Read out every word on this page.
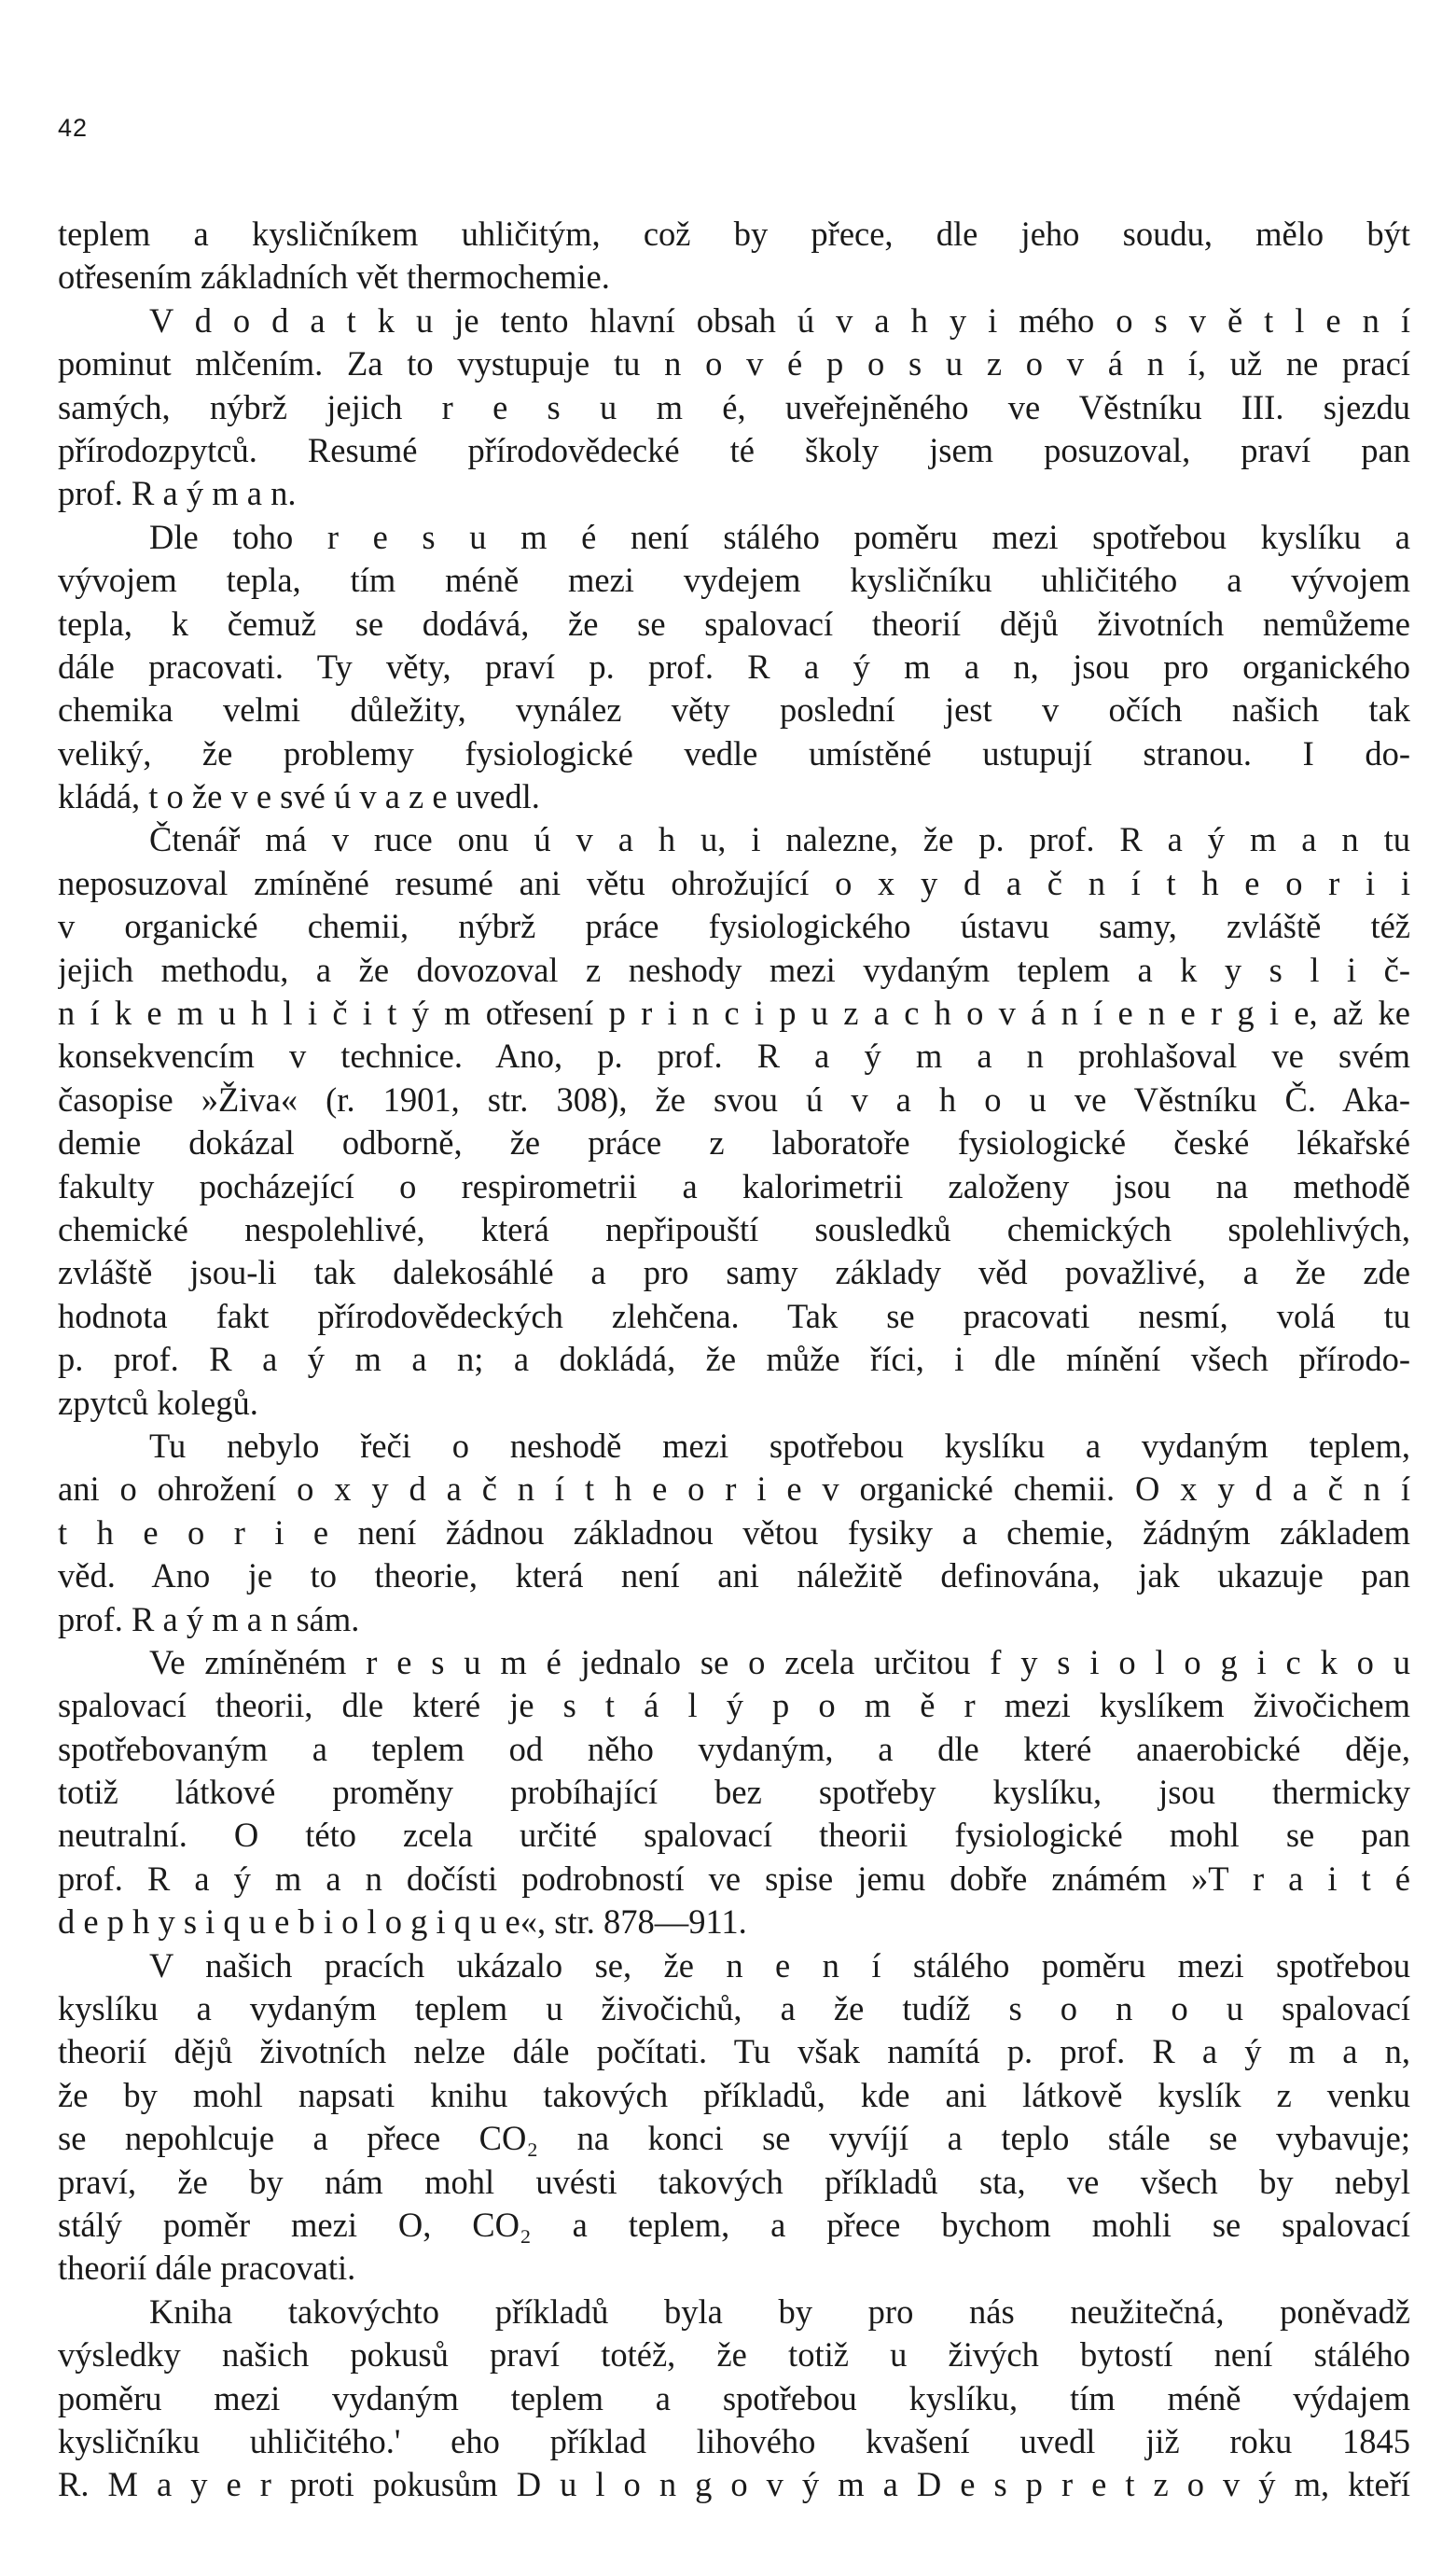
42
teplem a kysličníkem uhličitým, což by přece, dle jeho soudu, mělo být
otřesením základních vět thermochemie.
V d o d a t k u je tento hlavní obsah ú v a h y i mého o s v ě t l e n í
pominut mlčením. Za to vystupuje tu n o v é p o s u z o v á n í, už ne prací
samých, nýbrž jejich r e s u m é, uveřejněného ve Věstníku III. sjezdu
přírodozpytců. Resumé přírodovědecké té školy jsem posuzoval, praví pan
prof. R a ý m a n.
Dle toho r e s u m é není stálého poměru mezi spotřebou kyslíku a
vývojem tepla, tím méně mezi vydejem kysličníku uhličitého a vývojem
tepla, k čemuž se dodává, že se spalovací theorií dějů životních nemůžeme
dále pracovati. Ty věty, praví p. prof. R a ý m a n, jsou pro organického
chemika velmi důležity, vynález věty poslední jest v očích našich tak
veliký, že problemy fysiologické vedle umístěné ustupují stranou. I do-
kládá, t o že v e své ú v a z e uvedl.
Čtenář má v ruce onu ú v a h u, i nalezne, že p. prof. R a ý m a n tu
neposuzoval zmíněné resumé ani větu ohrožující o x y d a č n í t h e o r i i
v organické chemii, nýbrž práce fysiologického ústavu samy, zvláště též
jejich methodu, a že dovozoval z neshody mezi vydaným teplem a k y s l i č-
n í k e m u h l i č i t ý m otřesení p r i n c i p u z a c h o v á n í e n e r g i e, až ke
konsekvencím v technice. Ano, p. prof. R a ý m a n prohlašoval ve svém
časopise »Živa« (r. 1901, str. 308), že svou ú v a h o u ve Věstníku Č. Aka-
demie dokázal odborně, že práce z laboratoře fysiologické české lékařské
fakulty pocházející o respirometrii a kalorimetrii založeny jsou na methodě
chemické nespolehlivé, která nepřipouští sousledků chemických spolehlivých,
zvláště jsou-li tak dalekosáhlé a pro samy základy věd považlivé, a že zde
hodnota fakt přírodovědeckých zlehčena. Tak se pracovati nesmí, volá tu
p. prof. R a ý m a n; a dokládá, že může říci, i dle mínění všech přírodo-
zpytců kolegů.
Tu nebylo řeči o neshodě mezi spotřebou kyslíku a vydaným teplem,
ani o ohrožení o x y d a č n í t h e o r i e v organické chemii. O x y d a č n í
t h e o r i e není žádnou základnou větou fysiky a chemie, žádným základem
věd. Ano je to theorie, která není ani náležitě definována, jak ukazuje pan
prof. R a ý m a n sám.
Ve zmíněném r e s u m é jednalo se o zcela určitou f y s i o l o g i c k o u
spalovací theorii, dle které je s t á l ý p o m ě r mezi kyslíkem živočichem
spotřebovaným a teplem od něho vydaným, a dle které anaerobické děje,
totiž látkové proměny probíhající bez spotřeby kyslíku, jsou thermicky
neutralní. O této zcela určité spalovací theorii fysiologické mohl se pan
prof. R a ý m a n dočísti podrobností ve spise jemu dobře známém »T r a i t é
d e p h y s i q u e b i o l o g i q u e«, str. 878—911.
V našich pracích ukázalo se, že n e n í stálého poměru mezi spotřebou
kyslíku a vydaným teplem u živočichů, a že tudíž s o n o u spalovací
theorií dějů životních nelze dále počítati. Tu však namítá p. prof. R a ý m a n,
že by mohl napsati knihu takových příkladů, kde ani látkově kyslík z venku
se nepohlcuje a přece CO₂ na konci se vyvíjí a teplo stále se vybavuje;
praví, že by nám mohl uvésti takových příkladů sta, ve všech by nebyl
stálý poměr mezi O, CO₂ a teplem, a přece bychom mohli se spalovací
theorií dále pracovati.
Kniha takovýchto příkladů byla by pro nás neužitečná, poněvadž
výsledky našich pokusů praví totéž, že totiž u živých bytostí není stálého
poměru mezi vydaným teplem a spotřebou kyslíku, tím méně výdajem
kysličníku uhličitého.' eho příklad lihového kvašení uvedl již roku 1845
R. M a y e r proti pokusům D u l o n g o v ý m a D e s p r e t z o v ý m, kteří
